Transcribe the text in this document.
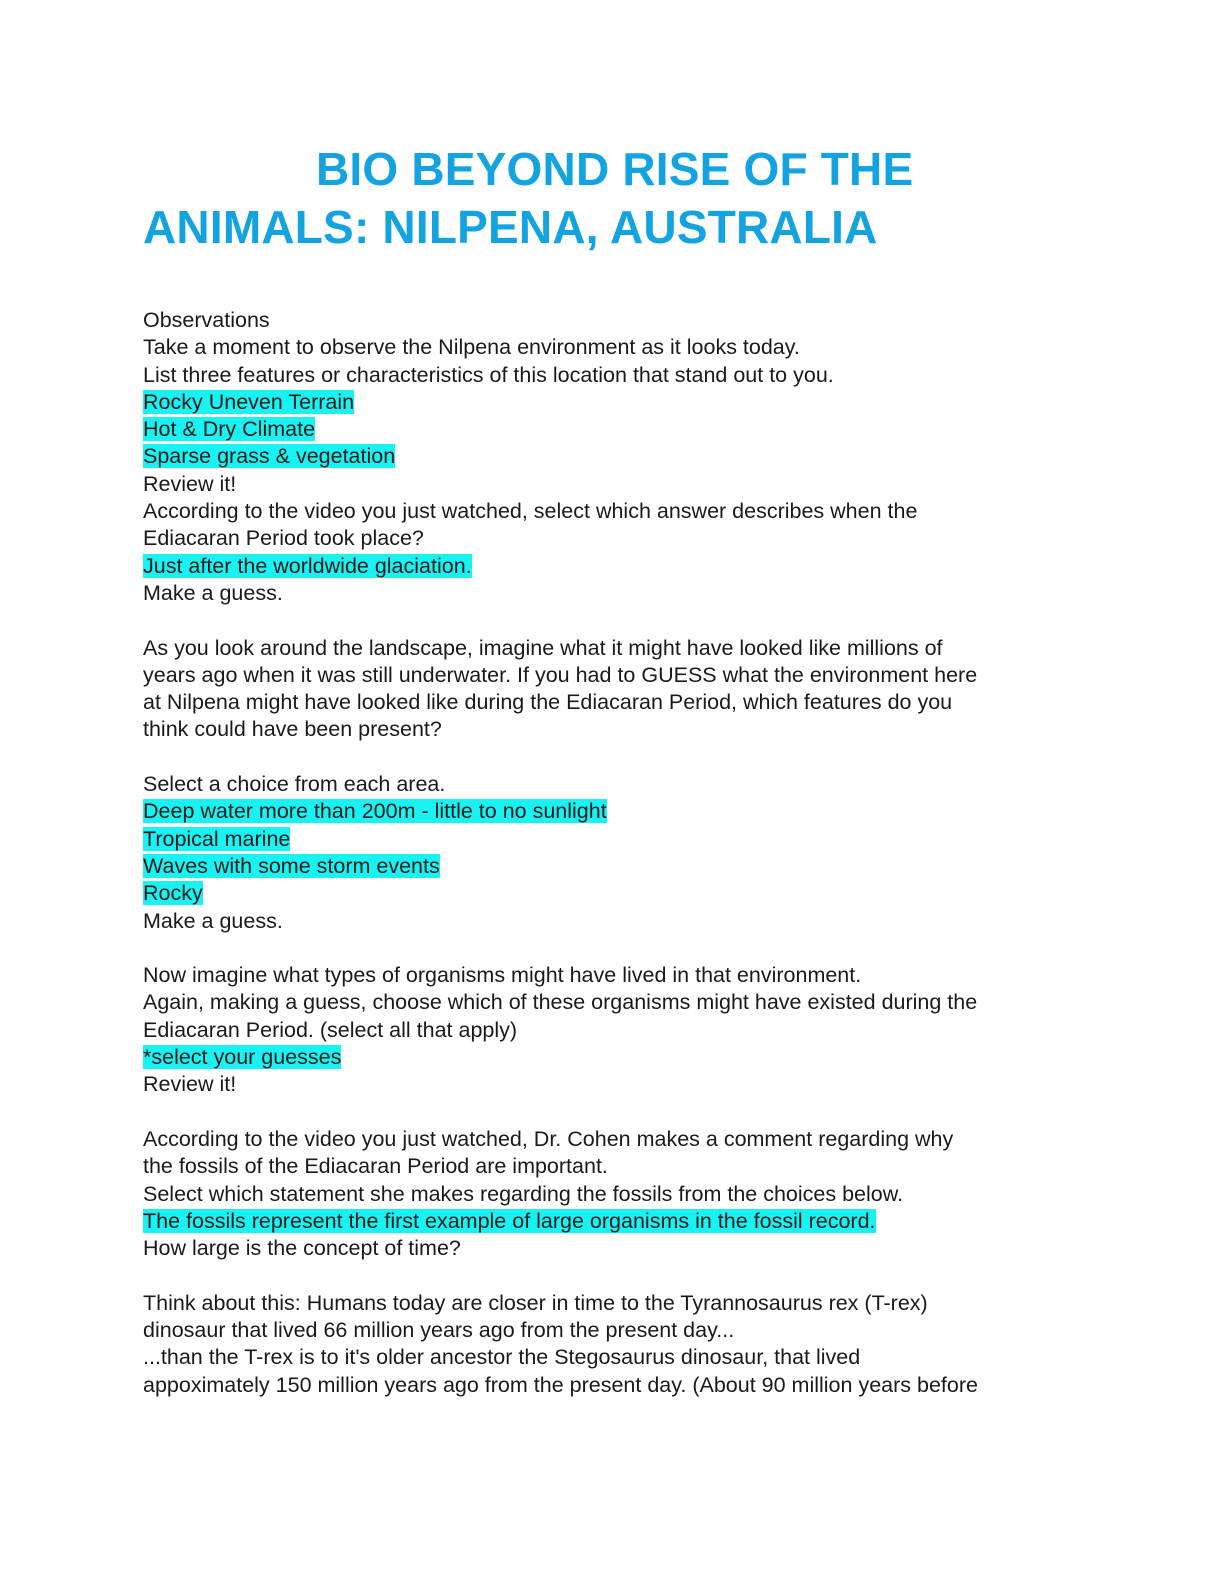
BIO BEYOND RISE OF THE
ANIMALS: NILPENA, AUSTRALIA
Observations
Take a moment to observe the Nilpena environment as it looks today.
List three features or characteristics of this location that stand out to you.
Rocky Uneven Terrain
Hot & Dry Climate
Sparse grass & vegetation
Review it!
According to the video you just watched, select which answer describes when the
Ediacaran Period took place?
Just after the worldwide glaciation.
Make a guess.
As you look around the landscape, imagine what it might have looked like millions of
years ago when it was still underwater. If you had to GUESS what the environment here
at Nilpena might have looked like during the Ediacaran Period, which features do you
think could have been present?
Select a choice from each area.
Deep water more than 200m - little to no sunlight
Tropical marine
Waves with some storm events
Rocky
Make a guess.
Now imagine what types of organisms might have lived in that environment.
Again, making a guess, choose which of these organisms might have existed during the
Ediacaran Period. (select all that apply)
*select your guesses
Review it!
According to the video you just watched, Dr. Cohen makes a comment regarding why
the fossils of the Ediacaran Period are important.
Select which statement she makes regarding the fossils from the choices below.
The fossils represent the first example of large organisms in the fossil record.
How large is the concept of time?
Think about this: Humans today are closer in time to the Tyrannosaurus rex (T-rex)
dinosaur that lived 66 million years ago from the present day...
...than the T-rex is to it's older ancestor the Stegosaurus dinosaur, that lived
appoximately 150 million years ago from the present day. (About 90 million years before
